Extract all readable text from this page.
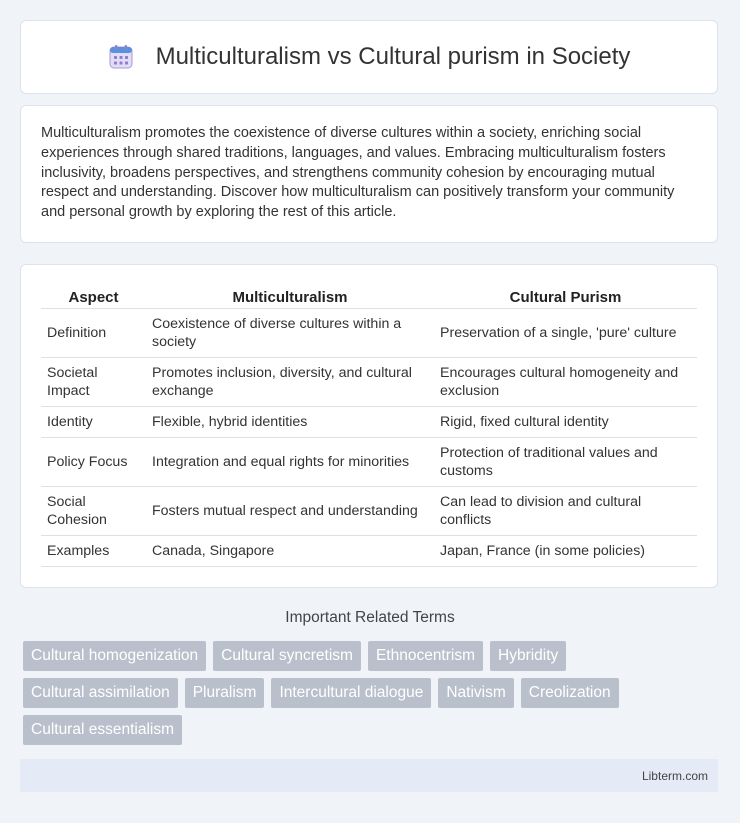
Multiculturalism vs Cultural purism in Society

Multiculturalism promotes the coexistence of diverse cultures within a society, enriching social experiences through shared traditions, languages, and values. Embracing multiculturalism fosters inclusivity, broadens perspectives, and strengthens community cohesion by encouraging mutual respect and understanding. Discover how multiculturalism can positively transform your community and personal growth by exploring the rest of this article.

Aspect	Multiculturalism	Cultural Purism
Definition	Coexistence of diverse cultures within a society	Preservation of a single, 'pure' culture
Societal Impact	Promotes inclusion, diversity, and cultural exchange	Encourages cultural homogeneity and exclusion
Identity	Flexible, hybrid identities	Rigid, fixed cultural identity
Policy Focus	Integration and equal rights for minorities	Protection of traditional values and customs
Social Cohesion	Fosters mutual respect and understanding	Can lead to division and cultural conflicts
Examples	Canada, Singapore	Japan, France (in some policies)
Important Related Terms
Cultural homogenization	Cultural syncretism	Ethnocentrism	Hybridity
Cultural assimilation	Pluralism	Intercultural dialogue	Nativism	Creolization
Cultural essentialism
Libterm.com
